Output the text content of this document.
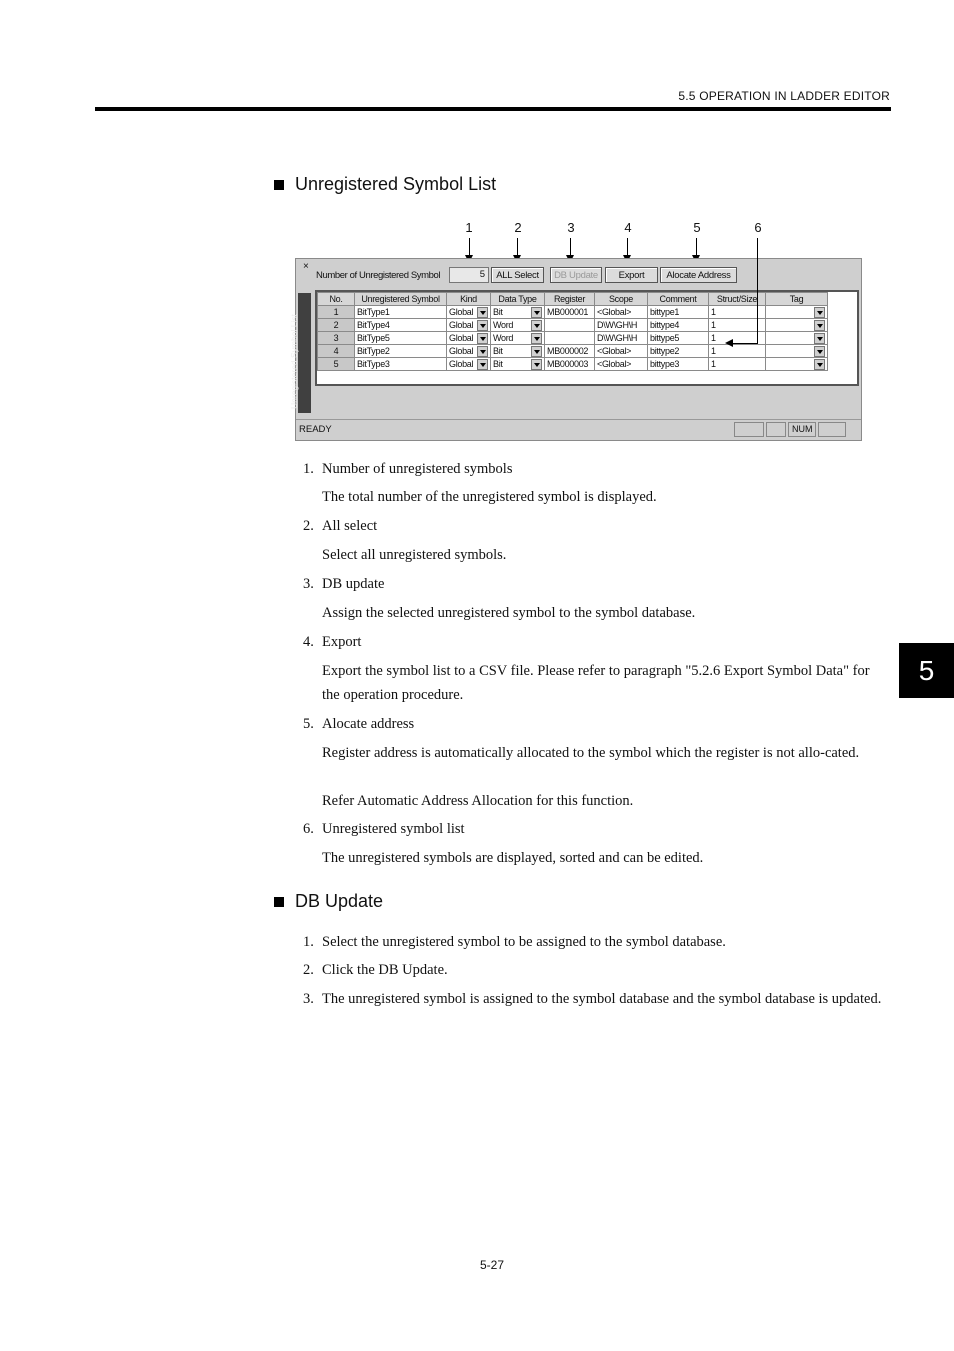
5.5 OPERATION IN LADDER EDITOR
5
Unregistered Symbol List
1	2	3	4	5	6
×
Number of Unregistered Symbol	5	ALL Select	DB Update	Export	Alocate Address
Unregistered Symbol List
No.	Unregistered Symbol	Kind	Data Type	Register	Scope	Comment	Struct/Size	Tag
1	BitType1	Global	Bit	MB000001	<Global>	bittype1	1	

2	BitType4	Global	Word		D\W\GH\H	bittype4	1	

3	BitType5	Global	Word		D\W\GH\H	bittype5	1	

4	BitType2	Global	Bit	MB000002	<Global>	bittype2	1	

5	BitType3	Global	Bit	MB000003	<Global>	bittype3	1	
READY	NUM
1. Number of unregistered symbols
The total number of the unregistered symbol is displayed.
2. All select
Select all unregistered symbols.
3. DB update
Assign the selected unregistered symbol to the symbol database.
4. Export
Export the symbol list to a CSV file. Please refer to paragraph "5.2.6 Export Symbol Data" for the operation procedure.
5. Alocate address
Register address is automatically allocated to the symbol which the register is not allo-cated.
Refer Automatic Address Allocation for this function.
6. Unregistered symbol list
The unregistered symbols are displayed, sorted and can be edited.
DB Update
1. Select the unregistered symbol to be assigned to the symbol database.
2. Click the DB Update.
3. The unregistered symbol is assigned to the symbol database and the symbol database is updated.
5-27
